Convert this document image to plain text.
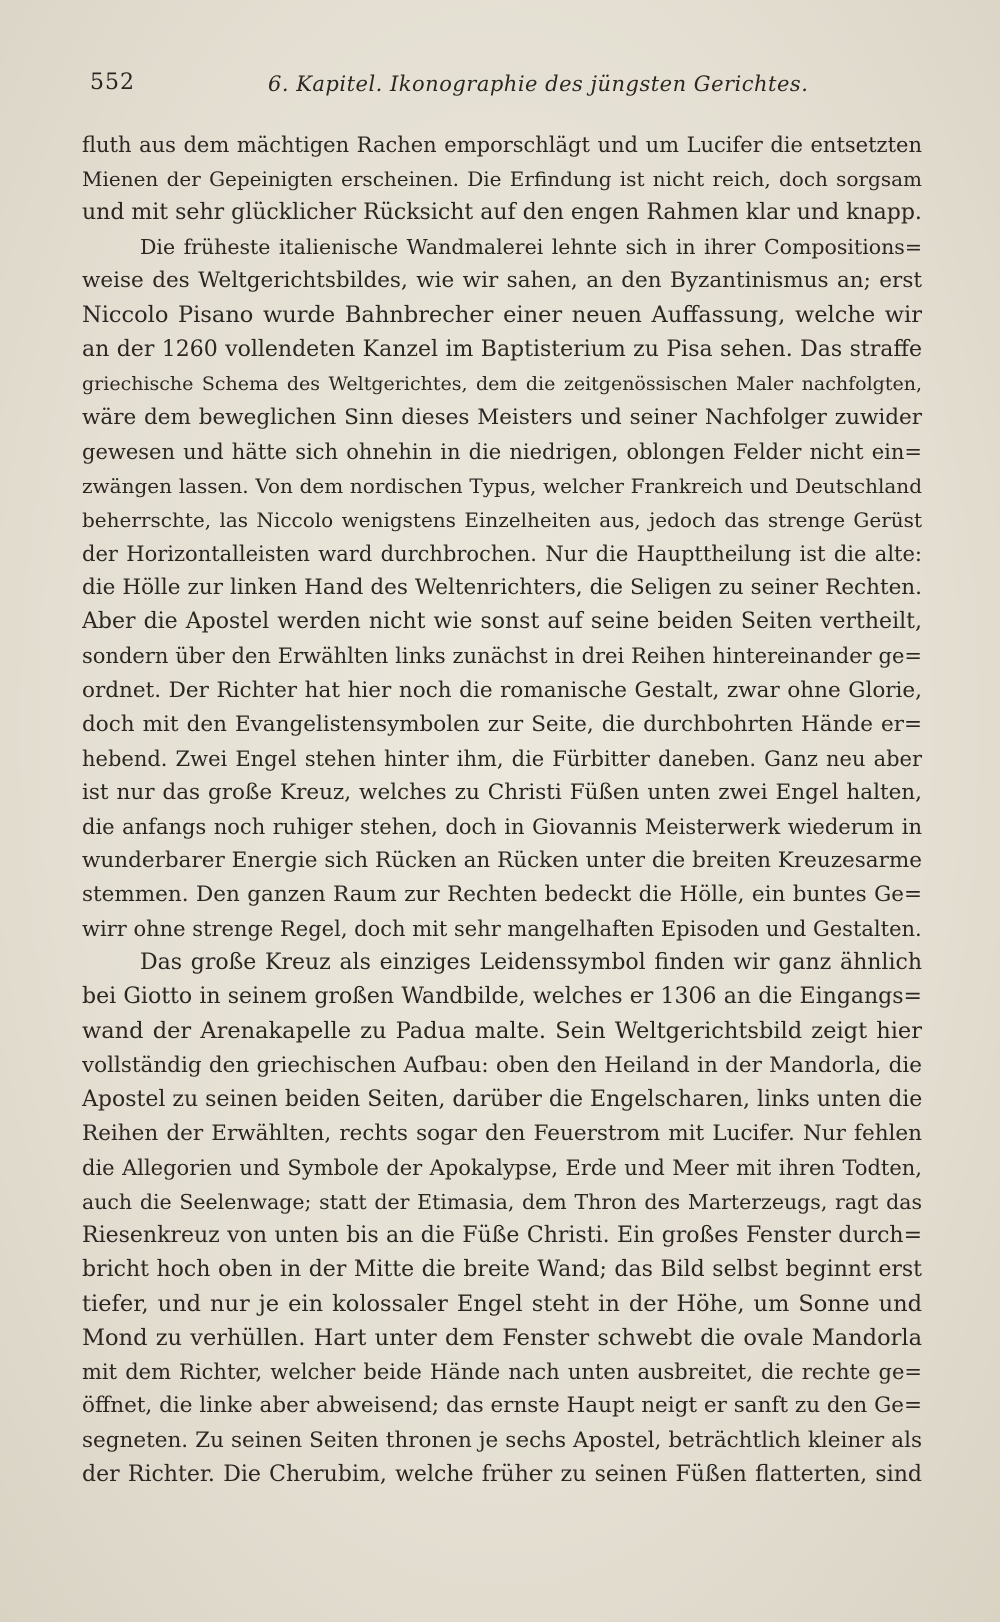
552	6. Kapitel. Ikonographie des jüngsten Gerichtes.
fluth aus dem mächtigen Rachen emporschlägt und um Lucifer die entsetzten
Mienen der Gepeinigten erscheinen. Die Erfindung ist nicht reich, doch sorgsam
und mit sehr glücklicher Rücksicht auf den engen Rahmen klar und knapp.
Die früheste italienische Wandmalerei lehnte sich in ihrer Compositions=
weise des Weltgerichtsbildes, wie wir sahen, an den Byzantinismus an; erst
Niccolo Pisano wurde Bahnbrecher einer neuen Auffassung, welche wir
an der 1260 vollendeten Kanzel im Baptisterium zu Pisa sehen. Das straffe
griechische Schema des Weltgerichtes, dem die zeitgenössischen Maler nachfolgten,
wäre dem beweglichen Sinn dieses Meisters und seiner Nachfolger zuwider
gewesen und hätte sich ohnehin in die niedrigen, oblongen Felder nicht ein=
zwängen lassen. Von dem nordischen Typus, welcher Frankreich und Deutschland
beherrschte, las Niccolo wenigstens Einzelheiten aus, jedoch das strenge Gerüst
der Horizontalleisten ward durchbrochen. Nur die Haupttheilung ist die alte:
die Hölle zur linken Hand des Weltenrichters, die Seligen zu seiner Rechten.
Aber die Apostel werden nicht wie sonst auf seine beiden Seiten vertheilt,
sondern über den Erwählten links zunächst in drei Reihen hintereinander ge=
ordnet. Der Richter hat hier noch die romanische Gestalt, zwar ohne Glorie,
doch mit den Evangelistensymbolen zur Seite, die durchbohrten Hände er=
hebend. Zwei Engel stehen hinter ihm, die Fürbitter daneben. Ganz neu aber
ist nur das große Kreuz, welches zu Christi Füßen unten zwei Engel halten,
die anfangs noch ruhiger stehen, doch in Giovannis Meisterwerk wiederum in
wunderbarer Energie sich Rücken an Rücken unter die breiten Kreuzesarme
stemmen. Den ganzen Raum zur Rechten bedeckt die Hölle, ein buntes Ge=
wirr ohne strenge Regel, doch mit sehr mangelhaften Episoden und Gestalten.
Das große Kreuz als einziges Leidenssymbol finden wir ganz ähnlich
bei Giotto in seinem großen Wandbilde, welches er 1306 an die Eingangs=
wand der Arenakapelle zu Padua malte. Sein Weltgerichtsbild zeigt hier
vollständig den griechischen Aufbau: oben den Heiland in der Mandorla, die
Apostel zu seinen beiden Seiten, darüber die Engelscharen, links unten die
Reihen der Erwählten, rechts sogar den Feuerstrom mit Lucifer. Nur fehlen
die Allegorien und Symbole der Apokalypse, Erde und Meer mit ihren Todten,
auch die Seelenwage; statt der Etimasia, dem Thron des Marterzeugs, ragt das
Riesenkreuz von unten bis an die Füße Christi. Ein großes Fenster durch=
bricht hoch oben in der Mitte die breite Wand; das Bild selbst beginnt erst
tiefer, und nur je ein kolossaler Engel steht in der Höhe, um Sonne und
Mond zu verhüllen. Hart unter dem Fenster schwebt die ovale Mandorla
mit dem Richter, welcher beide Hände nach unten ausbreitet, die rechte ge=
öffnet, die linke aber abweisend; das ernste Haupt neigt er sanft zu den Ge=
segneten. Zu seinen Seiten thronen je sechs Apostel, beträchtlich kleiner als
der Richter. Die Cherubim, welche früher zu seinen Füßen flatterten, sind
